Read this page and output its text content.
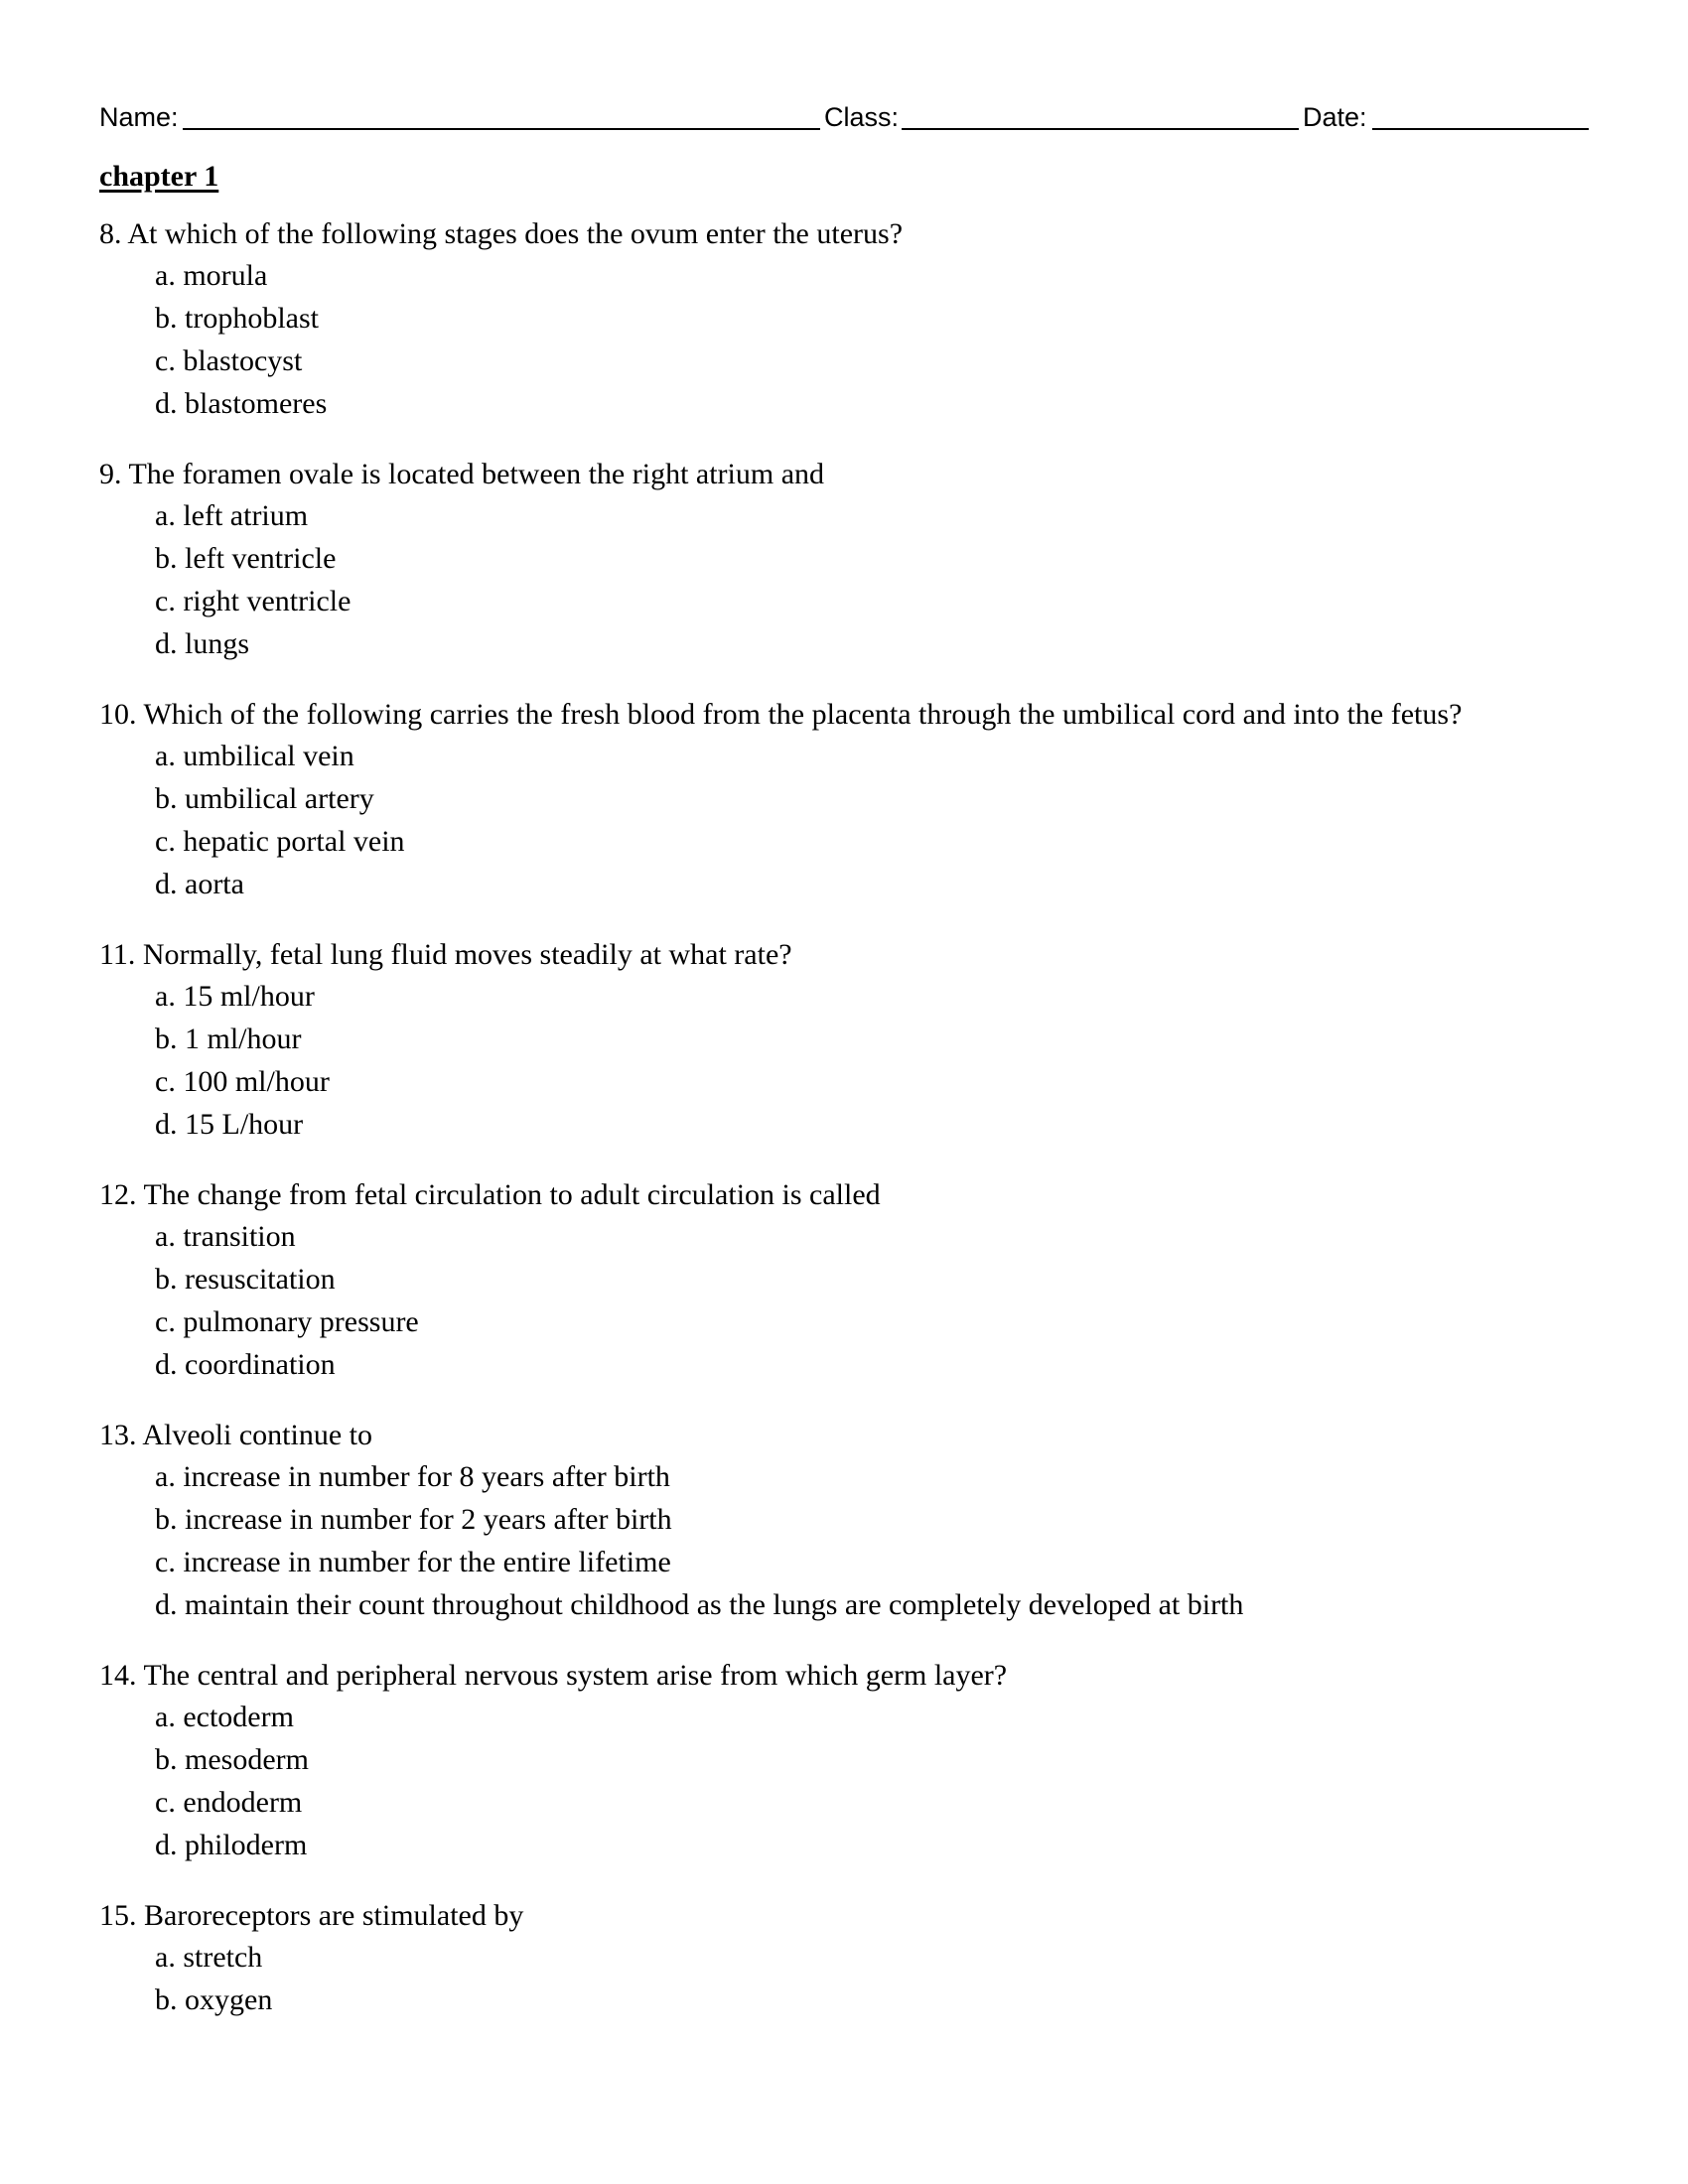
Name:	Class:	Date:
chapter 1
8. At which of the following stages does the ovum enter the uterus?
a. morula
b. trophoblast
c. blastocyst
d. blastomeres
9. The foramen ovale is located between the right atrium and
a. left atrium
b. left ventricle
c. right ventricle
d. lungs
10. Which of the following carries the fresh blood from the placenta through the umbilical cord and into the fetus?
a. umbilical vein
b. umbilical artery
c. hepatic portal vein
d. aorta
11. Normally, fetal lung fluid moves steadily at what rate?
a. 15 ml/hour
b. 1 ml/hour
c. 100 ml/hour
d. 15 L/hour
12. The change from fetal circulation to adult circulation is called
a. transition
b. resuscitation
c. pulmonary pressure
d. coordination
13. Alveoli continue to
a. increase in number for 8 years after birth
b. increase in number for 2 years after birth
c. increase in number for the entire lifetime
d. maintain their count throughout childhood as the lungs are completely developed at birth
14. The central and peripheral nervous system arise from which germ layer?
a. ectoderm
b. mesoderm
c. endoderm
d. philoderm
15. Baroreceptors are stimulated by
a. stretch
b. oxygen
